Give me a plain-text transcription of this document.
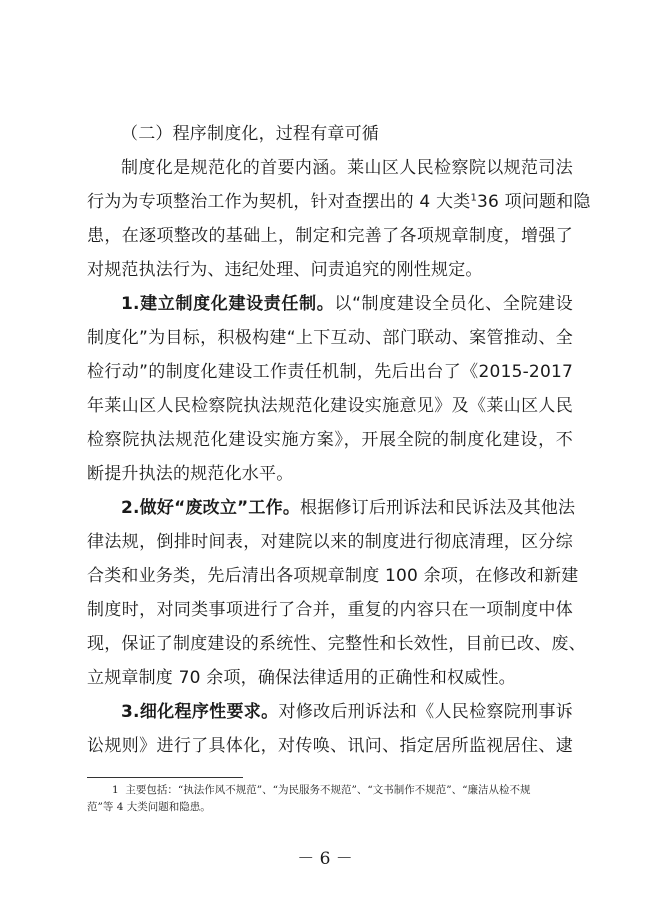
（二）程序制度化，过程有章可循
制度化是规范化的首要内涵。莱山区人民检察院以规范司法
行为为专项整治工作为契机，针对查摆出的 4 大类$^1$36 项问题和隐
患，在逐项整改的基础上，制定和完善了各项规章制度，增强了
对规范执法行为、违纪处理、问责追究的刚性规定。
1.建立制度化建设责任制。以“制度建设全员化、全院建设
制度化”为目标，积极构建“上下互动、部门联动、案管推动、全
检行动”的制度化建设工作责任机制，先后出台了《2015-2017
年莱山区人民检察院执法规范化建设实施意见》及《莱山区人民
检察院执法规范化建设实施方案》，开展全院的制度化建设，不
断提升执法的规范化水平。
2.做好“废改立”工作。根据修订后刑诉法和民诉法及其他法
律法规，倒排时间表，对建院以来的制度进行彻底清理，区分综
合类和业务类，先后清出各项规章制度 100 余项，在修改和新建
制度时，对同类事项进行了合并，重复的内容只在一项制度中体
现，保证了制度建设的系统性、完整性和长效性，目前已改、废、
立规章制度 70 余项，确保法律适用的正确性和权威性。
3.细化程序性要求。对修改后刑诉法和《人民检察院刑事诉
讼规则》进行了具体化，对传唤、讯问、指定居所监视居住、逮
1 主要包括：“执法作风不规范”、“为民服务不规范”、“文书制作不规范”、“廉洁从检不规
范”等 4 大类问题和隐患。
－ 6 －
